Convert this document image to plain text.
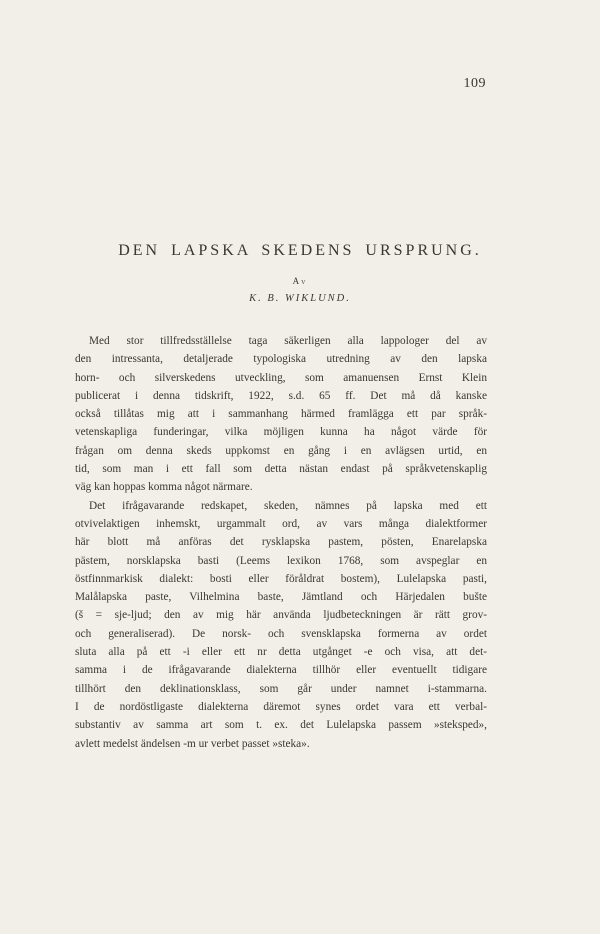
109
DEN LAPSKA SKEDENS URSPRUNG.
Av
K. B. WIKLUND.
Med stor tillfredsställelse taga säkerligen alla lappologer del av
den intressanta, detaljerade typologiska utredning av den lapska
horn- och silverskedens utveckling, som amanuensen Ernst Klein
publicerat i denna tidskrift, 1922, s.d. 65 ff. Det må då kanske
också tillåtas mig att i sammanhang härmed framlägga ett par språk-
vetenskapliga funderingar, vilka möjligen kunna ha något värde för
frågan om denna skeds uppkomst en gång i en avlägsen urtid, en
tid, som man i ett fall som detta nästan endast på språkvetenskaplig
väg kan hoppas komma något närmare.
Det ifrågavarande redskapet, skeden, nämnes på lapska med ett
otvivelaktigen inhemskt, urgammalt ord, av vars många dialektformer
här blott må anföras det rysklapska pastem, pösten, Enarelapska
pästem, norsklapska basti (Leems lexikon 1768, som avspeglar en
östfinnmarkisk dialekt: bosti eller föråldrat bostem), Lulelapska pasti,
Malålapska paste, Vilhelmina baste, Jämtland och Härjedalen bušte
(š = sje-ljud; den av mig här använda ljudbeteckningen är rätt grov-
och generaliserad). De norsk- och svensklapska formerna av ordet
sluta alla på ett -i eller ett nr detta utgånget -e och visa, att det-
samma i de ifrågavarande dialekterna tillhör eller eventuellt tidigare
tillhört den deklinationsklass, som går under namnet i-stammarna.
I de nordöstligaste dialekterna däremot synes ordet vara ett verbal-
substantiv av samma art som t. ex. det Lulelapska passem »steksped»,
avlett medelst ändelsen -m ur verbet passet »steka».
